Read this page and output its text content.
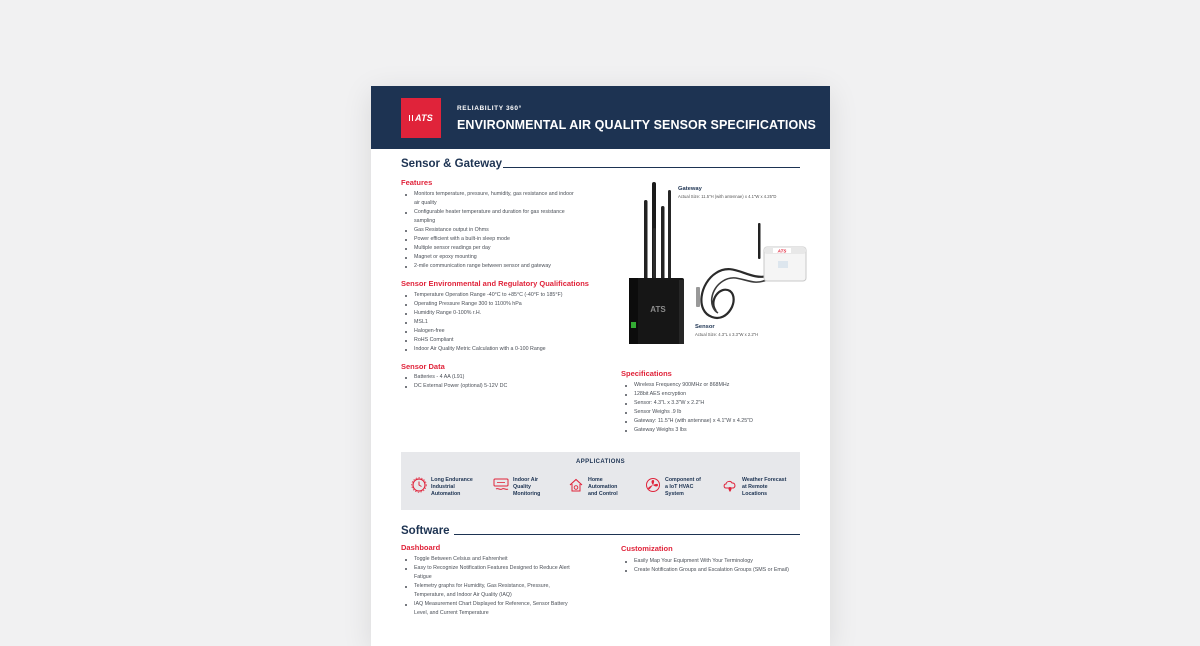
ATS
RELIABILITY 360°
ENVIRONMENTAL AIR QUALITY SENSOR SPECIFICATIONS
Sensor & Gateway
Features
Monitors temperature, pressure, humidity, gas resistance and indoor air quality
Configurable heater temperature and duration for gas resistance sampling
Gas Resistance output in Ohms
Power efficient with a built-in sleep mode
Multiple sensor readings per day
Magnet or epoxy mounting
2-mile communication range between sensor and gateway
Sensor Environmental and Regulatory Qualifications
Temperature Operation Range -40°C to +85°C (-40°F to 185°F)
Operating Pressure Range 300 to 1100% hPa
Humidity Range 0-100% r.H.
MSL1
Halogen-free
RoHS Compliant
Indoor Air Quality Metric Calculation with a 0-100 Range
Sensor Data
Batteries - 4 AA (L91)
DC External Power (optional) 5-12V DC
ATS
Gateway
Actual Size: 11.5"H (with antennae) x 4.1"W x 4.25"D
ATS
Sensor
Actual Size: 4.3"L x 3.3"W x 2.2"H
Specifications
Wireless Frequency 900MHz or 868MHz
128bit AES encryption
Sensor: 4.3"L x 3.3"W x 2.2"H
Sensor Weighs .9 lb
Gateway: 11.5"H (with antennae) x 4.1"W x 4.25"D
Gateway Weighs 3 lbs
APPLICATIONS
Long Endurance Industrial Automation
Indoor Air Quality Monitoring
Home Automation and Control
Component of a IoT HVAC System
Weather Forecast at Remote Locations
Software
Dashboard
Toggle Between Celsius and Fahrenheit
Easy to Recognize Notification Features Designed to Reduce Alert Fatigue
Telemetry graphs for Humidity, Gas Resistance, Pressure, Temperature, and Indoor Air Quality (IAQ)
IAQ Measurement Chart Displayed for Reference, Sensor Battery Level, and Current Temperature
Customization
Easily Map Your Equipment With Your Terminology
Create Notification Groups and Escalation Groups (SMS or Email)
